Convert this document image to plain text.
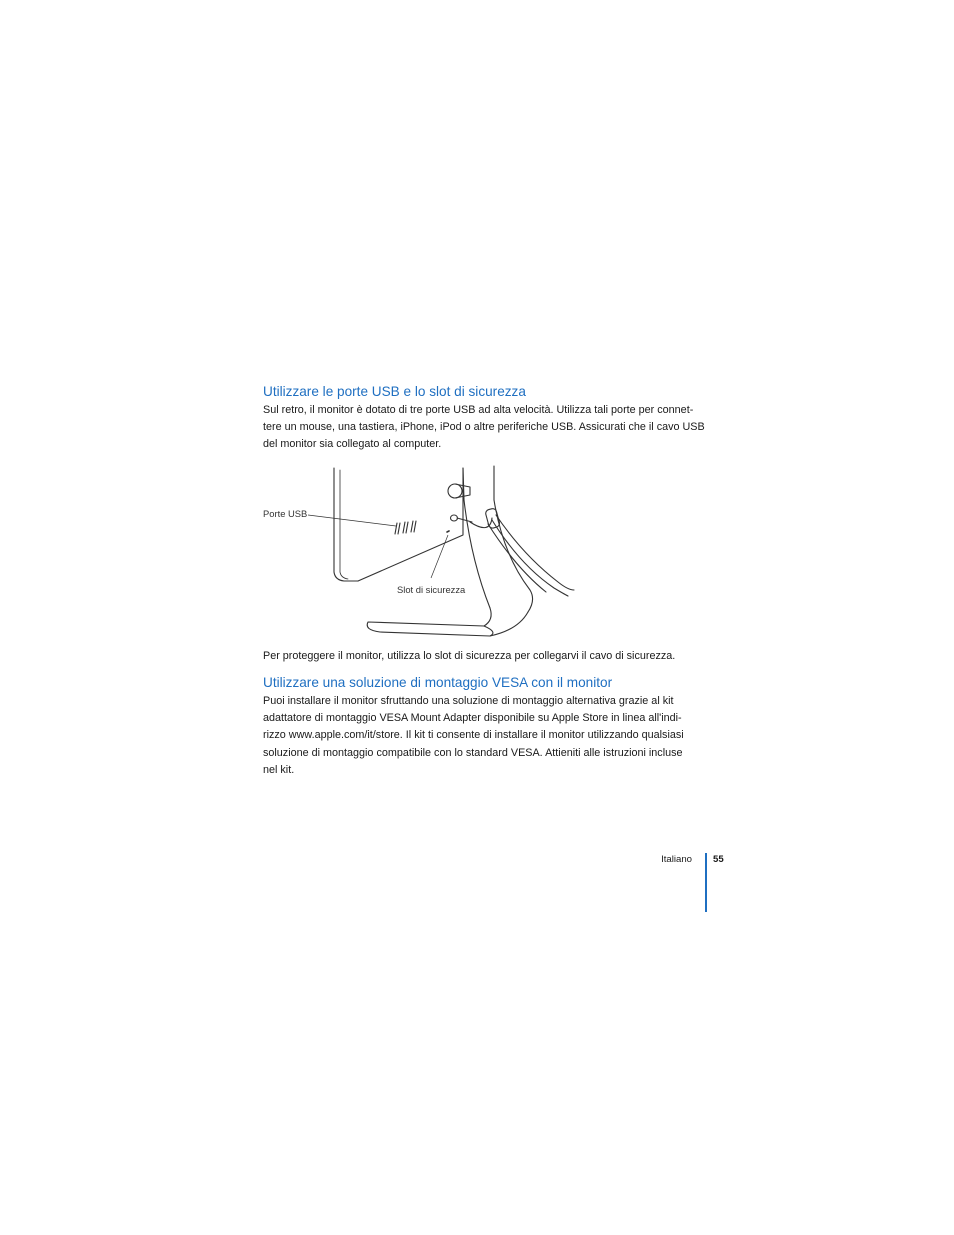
Utilizzare le porte USB e lo slot di sicurezza

Sul retro, il monitor è dotato di tre porte USB ad alta velocità. Utilizza tali porte per connet-
tere un mouse, una tastiera, iPhone, iPod o altre periferiche USB. Assicurati che il cavo USB
del monitor sia collegato al computer.

Porte USB
Slot di sicurezza

Per proteggere il monitor, utilizza lo slot di sicurezza per collegarvi il cavo di sicurezza.

Utilizzare una soluzione di montaggio VESA con il monitor

Puoi installare il monitor sfruttando una soluzione di montaggio alternativa grazie al kit
adattatore di montaggio VESA Mount Adapter disponibile su Apple Store in linea all'indi-
rizzo www.apple.com/it/store. Il kit ti consente di installare il monitor utilizzando qualsiasi
soluzione di montaggio compatibile con lo standard VESA. Attieniti alle istruzioni incluse
nel kit.

Italiano 55
